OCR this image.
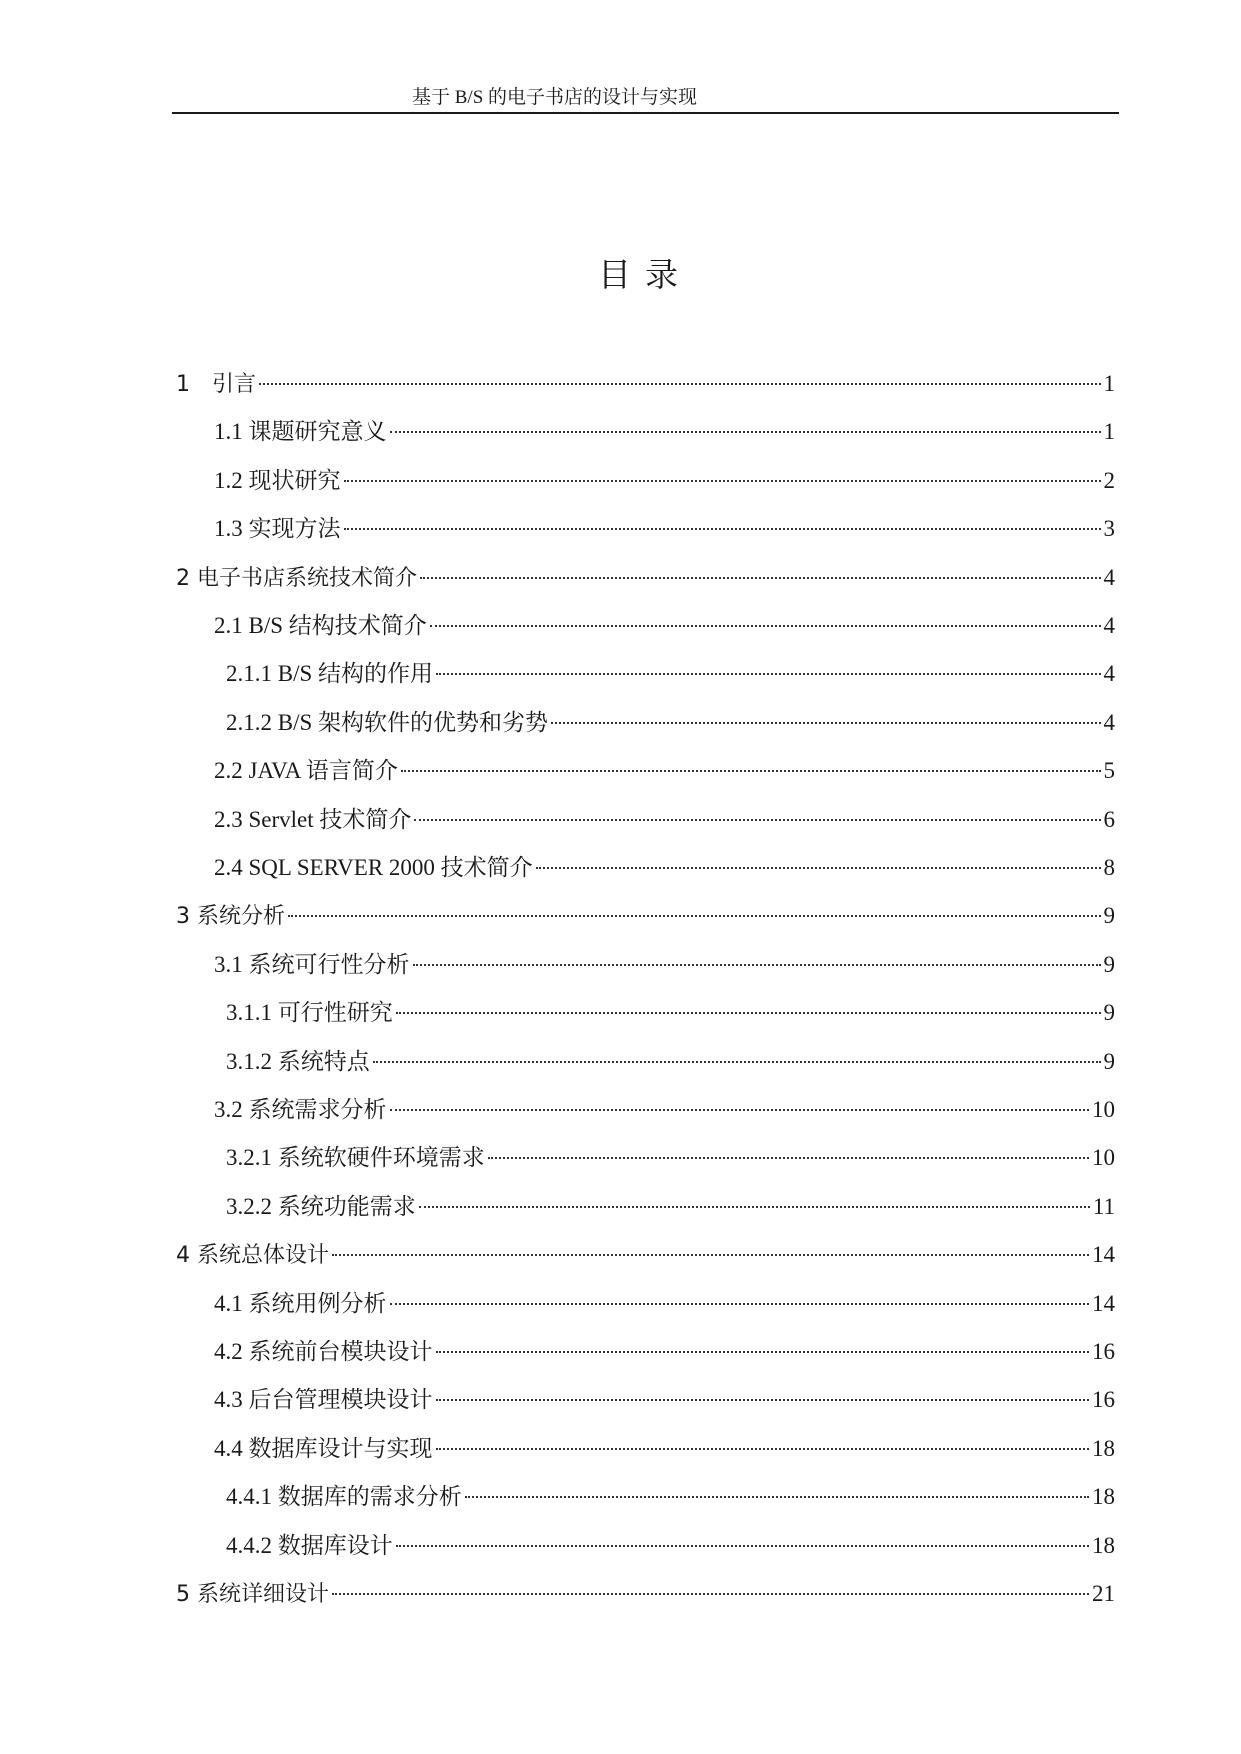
基于 B/S 的电子书店的设计与实现
目录
1　引言	1
1.1 课题研究意义	1
1.2 现状研究	2
1.3 实现方法	3
2 电子书店系统技术简介	4
2.1 B/S 结构技术简介	4
2.1.1 B/S 结构的作用	4
2.1.2 B/S 架构软件的优势和劣势	4
2.2 JAVA 语言简介	5
2.3 Servlet 技术简介	6
2.4 SQL SERVER 2000 技术简介	8
3 系统分析	9
3.1 系统可行性分析	9
3.1.1 可行性研究	9
3.1.2 系统特点	9
3.2 系统需求分析	10
3.2.1 系统软硬件环境需求	10
3.2.2 系统功能需求	11
4 系统总体设计	14
4.1 系统用例分析	14
4.2 系统前台模块设计	16
4.3 后台管理模块设计	16
4.4 数据库设计与实现	18
4.4.1 数据库的需求分析	18
4.4.2 数据库设计	18
5 系统详细设计	21
